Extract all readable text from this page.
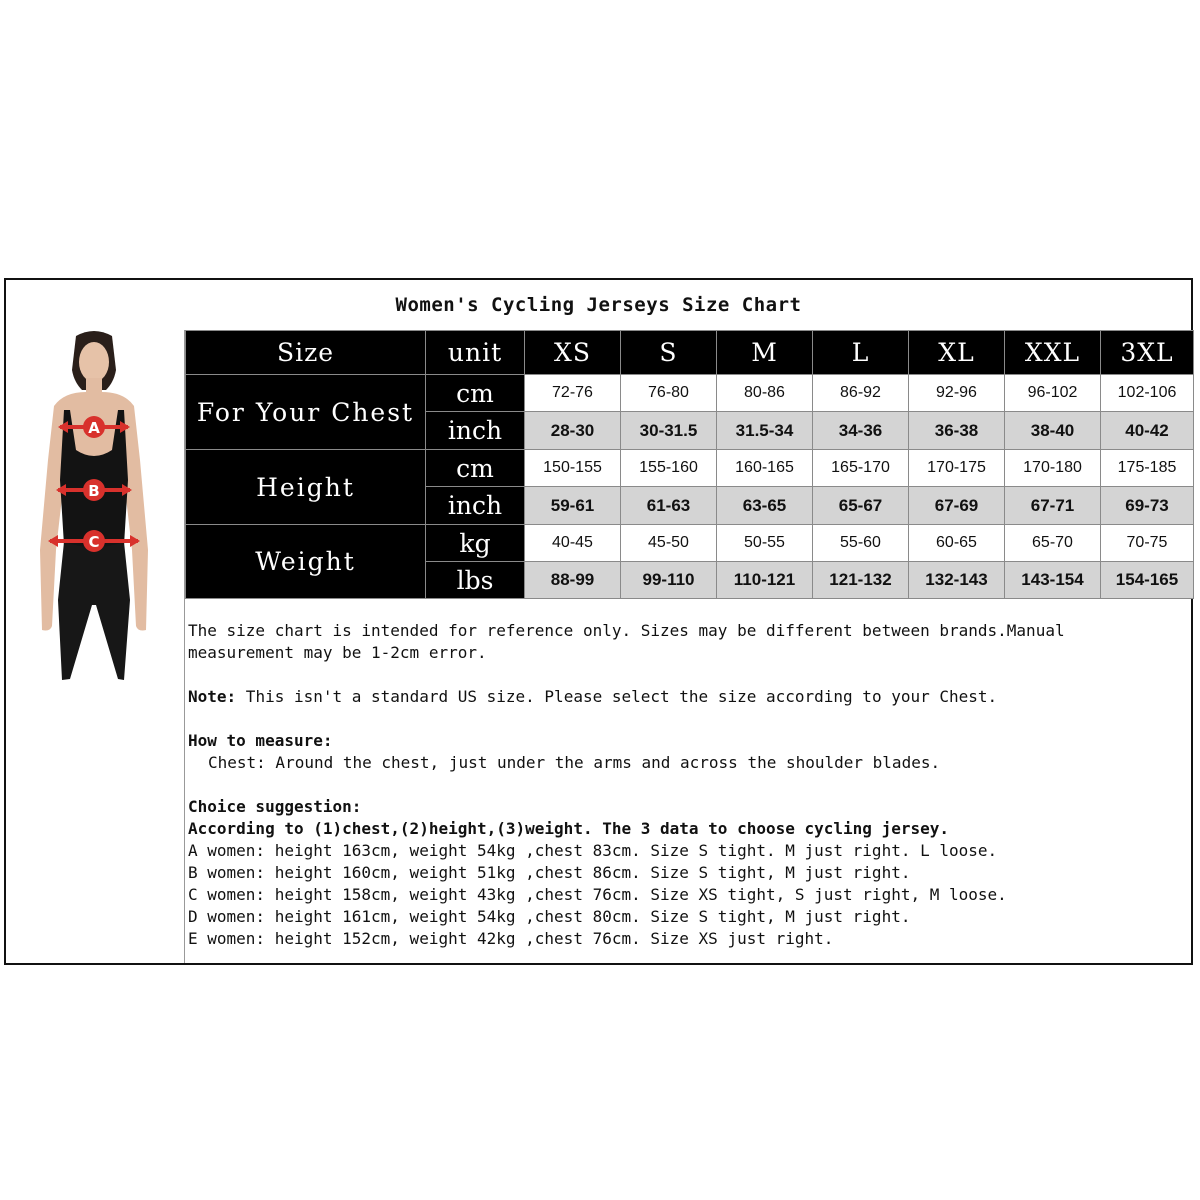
Women's Cycling Jerseys Size Chart
A
B
C
Size	unit	XS	S	M	L	XL	XXL	3XL
For Your Chest	cm	72-76	76-80	80-86	86-92	92-96	96-102	102-106
	inch	28-30	30-31.5	31.5-34	34-36	36-38	38-40	40-42
Height	cm	150-155	155-160	160-165	165-170	170-175	170-180	175-185
	inch	59-61	61-63	63-65	65-67	67-69	67-71	69-73
Weight	kg	40-45	45-50	50-55	55-60	60-65	65-70	70-75
	lbs	88-99	99-110	110-121	121-132	132-143	143-154	154-165

The size chart is intended for reference only. Sizes may be different between brands.Manual

measurement may be 1-2cm error.

Note: This isn't a standard US size. Please select the size according to your Chest.

How to measure:

Chest: Around the chest, just under the arms and across the shoulder blades.

Choice suggestion:

According to (1)chest,(2)height,(3)weight. The 3 data to choose cycling jersey.

A women: height 163cm, weight 54kg ,chest 83cm. Size S tight. M just right. L loose.

B women: height 160cm, weight 51kg ,chest 86cm. Size S tight, M just right.

C women: height 158cm, weight 43kg ,chest 76cm. Size XS tight, S just right, M loose.

D women: height 161cm, weight 54kg ,chest 80cm. Size S tight, M just right.

E women: height 152cm, weight 42kg ,chest 76cm. Size XS just right.
